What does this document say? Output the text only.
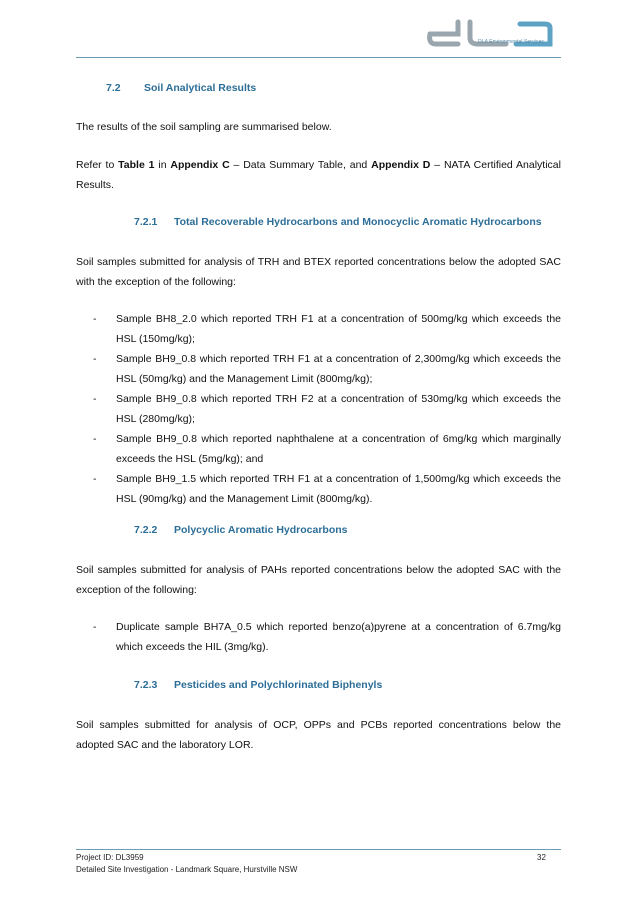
DLA Environmental Services
7.2 Soil Analytical Results

The results of the soil sampling are summarised below.

Refer to Table 1 in Appendix C – Data Summary Table, and Appendix D – NATA Certified Analytical Results.

7.2.1 Total Recoverable Hydrocarbons and Monocyclic Aromatic Hydrocarbons

Soil samples submitted for analysis of TRH and BTEX reported concentrations below the adopted SAC with the exception of the following:

- Sample BH8_2.0 which reported TRH F1 at a concentration of 500mg/kg which exceeds the HSL (150mg/kg);
- Sample BH9_0.8 which reported TRH F1 at a concentration of 2,300mg/kg which exceeds the HSL (50mg/kg) and the Management Limit (800mg/kg);
- Sample BH9_0.8 which reported TRH F2 at a concentration of 530mg/kg which exceeds the HSL (280mg/kg);
- Sample BH9_0.8 which reported naphthalene at a concentration of 6mg/kg which marginally exceeds the HSL (5mg/kg); and
- Sample BH9_1.5 which reported TRH F1 at a concentration of 1,500mg/kg which exceeds the HSL (90mg/kg) and the Management Limit (800mg/kg).
7.2.2 Polycyclic Aromatic Hydrocarbons

Soil samples submitted for analysis of PAHs reported concentrations below the adopted SAC with the exception of the following:

- Duplicate sample BH7A_0.5 which reported benzo(a)pyrene at a concentration of 6.7mg/kg which exceeds the HIL (3mg/kg).
7.2.3 Pesticides and Polychlorinated Biphenyls

Soil samples submitted for analysis of OCP, OPPs and PCBs reported concentrations below the adopted SAC and the laboratory LOR.

Project ID: DL3959
Detailed Site Investigation - Landmark Square, Hurstville NSW
32
